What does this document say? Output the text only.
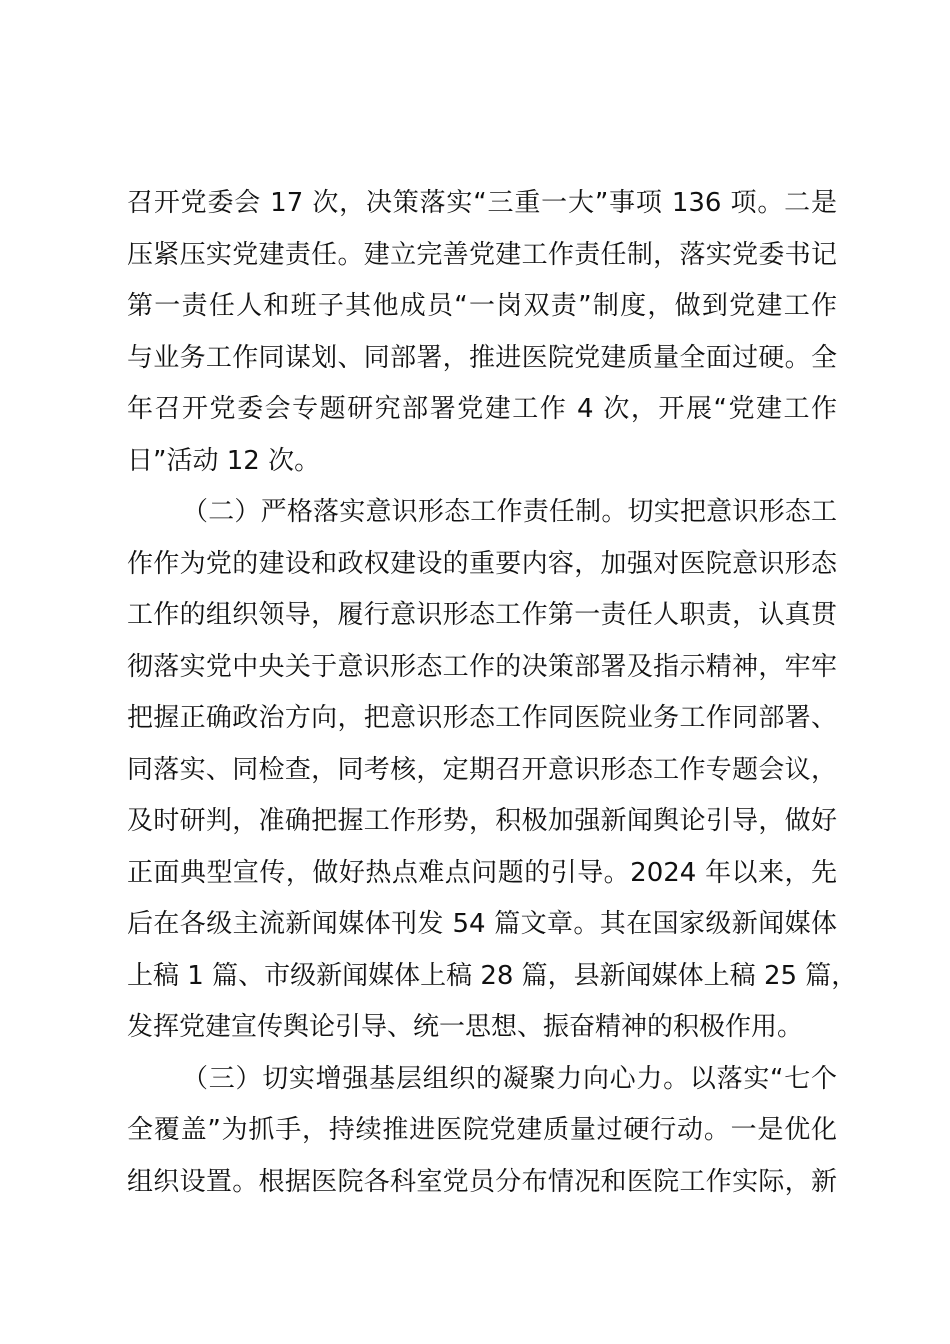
召开党委会 17 次，决策落实“三重一大”事项 136 项。二是
压紧压实党建责任。建立完善党建工作责任制，落实党委书记
第一责任人和班子其他成员“一岗双责”制度，做到党建工作
与业务工作同谋划、同部署，推进医院党建质量全面过硬。全
年召开党委会专题研究部署党建工作 4 次，开展“党建工作
日”活动 12 次。
（二）严格落实意识形态工作责任制。切实把意识形态工
作作为党的建设和政权建设的重要内容，加强对医院意识形态
工作的组织领导，履行意识形态工作第一责任人职责，认真贯
彻落实党中央关于意识形态工作的决策部署及指示精神，牢牢
把握正确政治方向，把意识形态工作同医院业务工作同部署、
同落实、同检查，同考核，定期召开意识形态工作专题会议，
及时研判，准确把握工作形势，积极加强新闻舆论引导，做好
正面典型宣传，做好热点难点问题的引导。2024 年以来，先
后在各级主流新闻媒体刊发 54 篇文章。其在国家级新闻媒体
上稿 1 篇、市级新闻媒体上稿 28 篇，县新闻媒体上稿 25 篇，
发挥党建宣传舆论引导、统一思想、振奋精神的积极作用。
（三）切实增强基层组织的凝聚力向心力。以落实“七个
全覆盖”为抓手，持续推进医院党建质量过硬行动。一是优化
组织设置。根据医院各科室党员分布情况和医院工作实际，新
